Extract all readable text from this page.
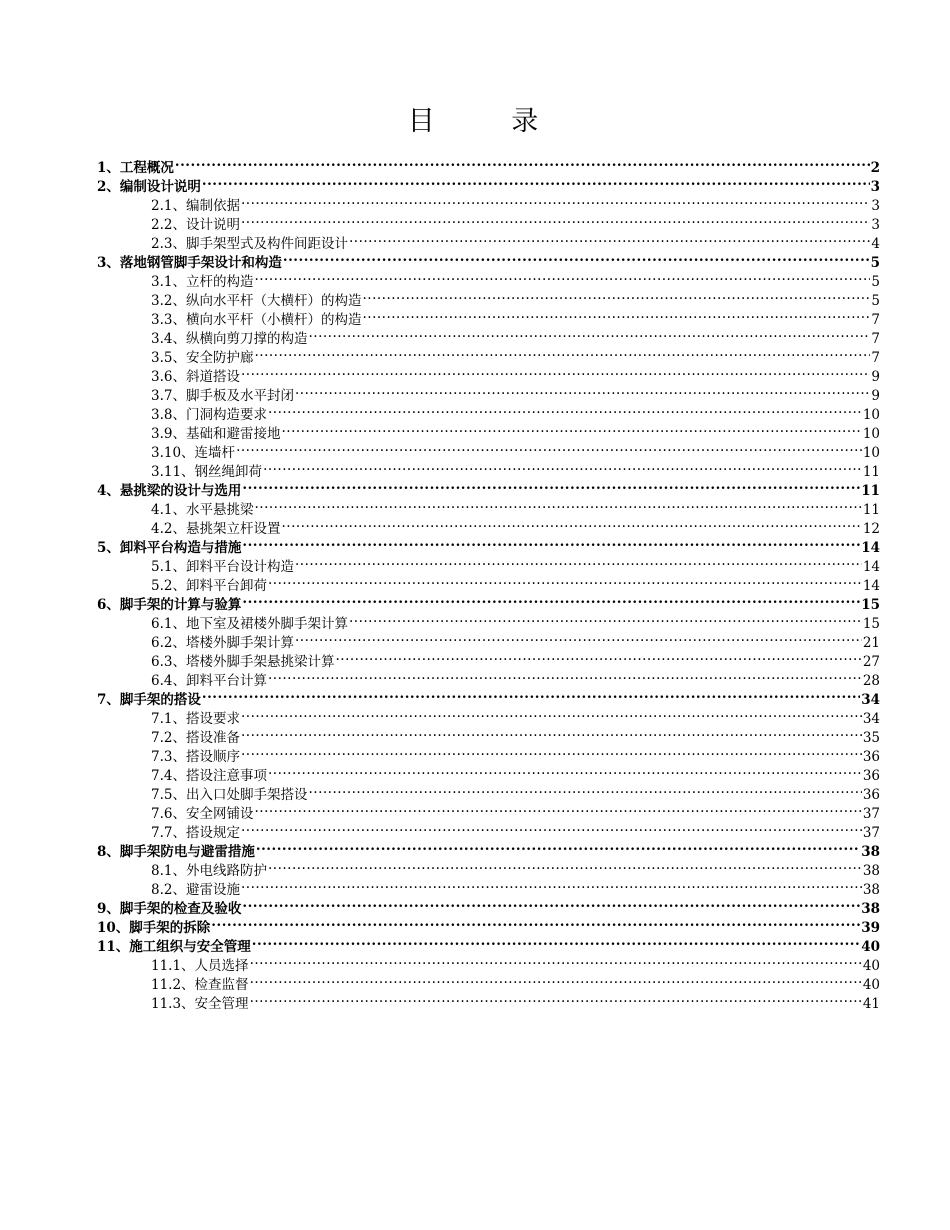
目 录
1、工程概况 .....	2
2、编制设计说明 .....	3
2.1、编制依据 .....	3
2.2、设计说明 .....	3
2.3、脚手架型式及构件间距设计 .....	4
3、落地钢管脚手架设计和构造 .....	5
3.1、立杆的构造 .....	5
3.2、纵向水平杆（大横杆）的构造 .....	5
3.3、横向水平杆（小横杆）的构造 .....	7
3.4、纵横向剪刀撑的构造 .....	7
3.5、安全防护廊 .....	7
3.6、斜道搭设 .....	9
3.7、脚手板及水平封闭 .....	9
3.8、门洞构造要求 .....	10
3.9、基础和避雷接地 .....	10
3.10、连墙杆 .....	10
3.11、钢丝绳卸荷 .....	11
4、悬挑梁的设计与选用 .....	11
4.1、水平悬挑梁 .....	11
4.2、悬挑架立杆设置 .....	12
5、卸料平台构造与措施 .....	14
5.1、卸料平台设计构造 .....	14
5.2、卸料平台卸荷 .....	14
6、脚手架的计算与验算 .....	15
6.1、地下室及裙楼外脚手架计算 .....	15
6.2、塔楼外脚手架计算 .....	21
6.3、塔楼外脚手架悬挑梁计算 .....	27
6.4、卸料平台计算 .....	28
7、脚手架的搭设 .....	34
7.1、搭设要求 .....	34
7.2、搭设准备 .....	35
7.3、搭设顺序 .....	36
7.4、搭设注意事项 .....	36
7.5、出入口处脚手架搭设 .....	36
7.6、安全网铺设 .....	37
7.7、搭设规定 .....	37
8、脚手架防电与避雷措施 .....	38
8.1、外电线路防护 .....	38
8.2、避雷设施 .....	38
9、脚手架的检查及验收 .....	38
10、脚手架的拆除 .....	39
11、施工组织与安全管理 .....	40
11.1、人员选择 .....	40
11.2、检查监督 .....	40
11.3、安全管理 .....	41
